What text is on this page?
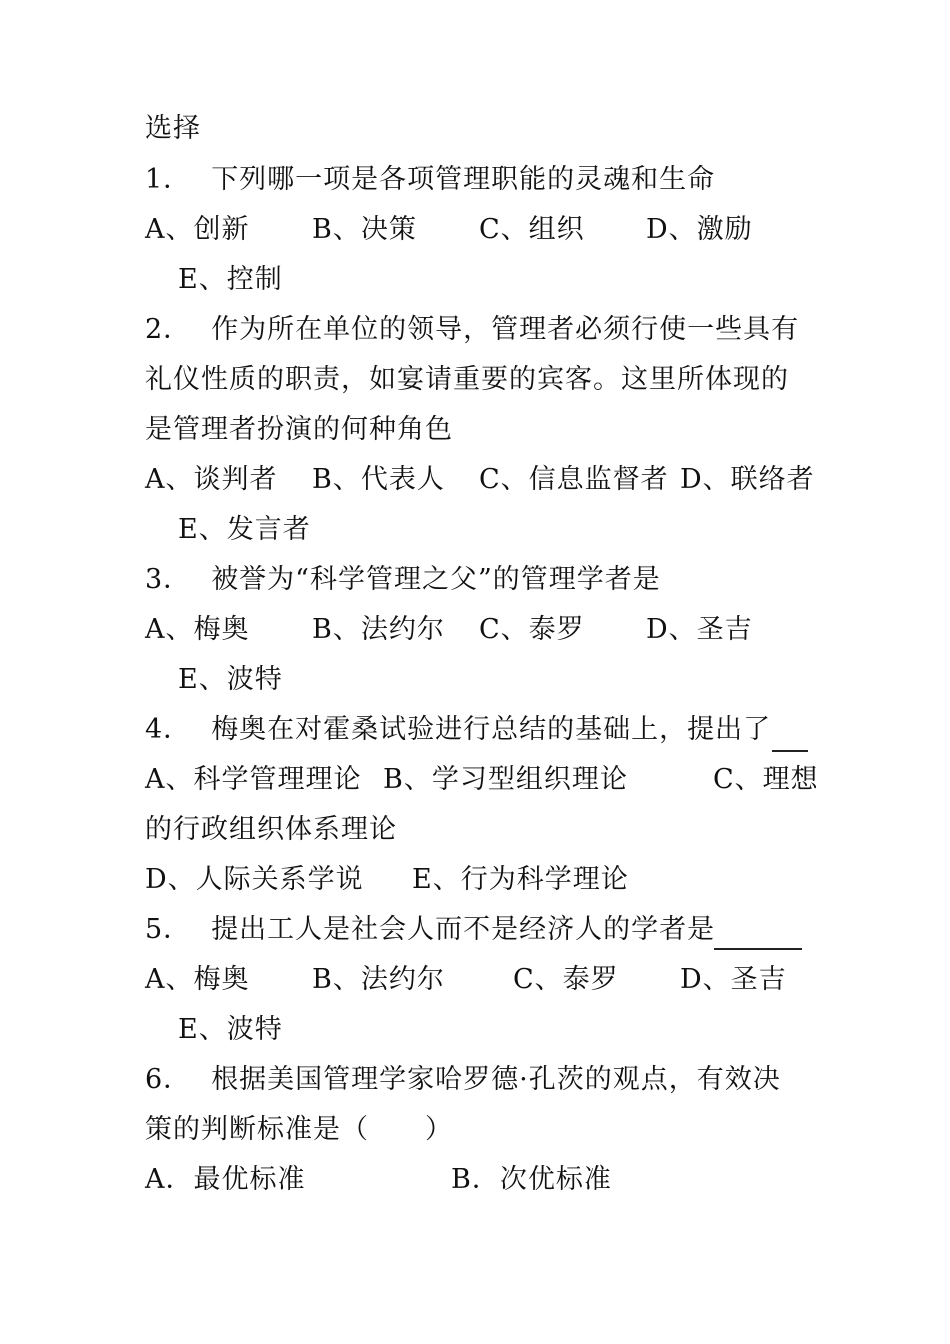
选择
1． 下列哪一项是各项管理职能的灵魂和生命
A、创新 B、决策 C、组织 D、激励
E、控制
2． 作为所在单位的领导，管理者必须行使一些具有
礼仪性质的职责，如宴请重要的宾客。这里所体现的
是管理者扮演的何种角色
A、谈判者 B、代表人 C、信息监督者 D、联络者
E、发言者
3． 被誉为“科学管理之父”的管理学者是
A、梅奥 B、法约尔 C、泰罗 D、圣吉
E、波特
4． 梅奥在对霍桑试验进行总结的基础上，提出了
A、科学管理理论 B、学习型组织理论	C、理想
的行政组织体系理论
D、人际关系学说 E、行为科学理论
5． 提出工人是社会人而不是经济人的学者是
A、梅奥 B、法约尔	C、泰罗 D、圣吉
E、波特
6． 根据美国管理学家哈罗德·孔茨的观点，有效决
策的判断标准是（　　）
A．最优标准	B．次优标准
